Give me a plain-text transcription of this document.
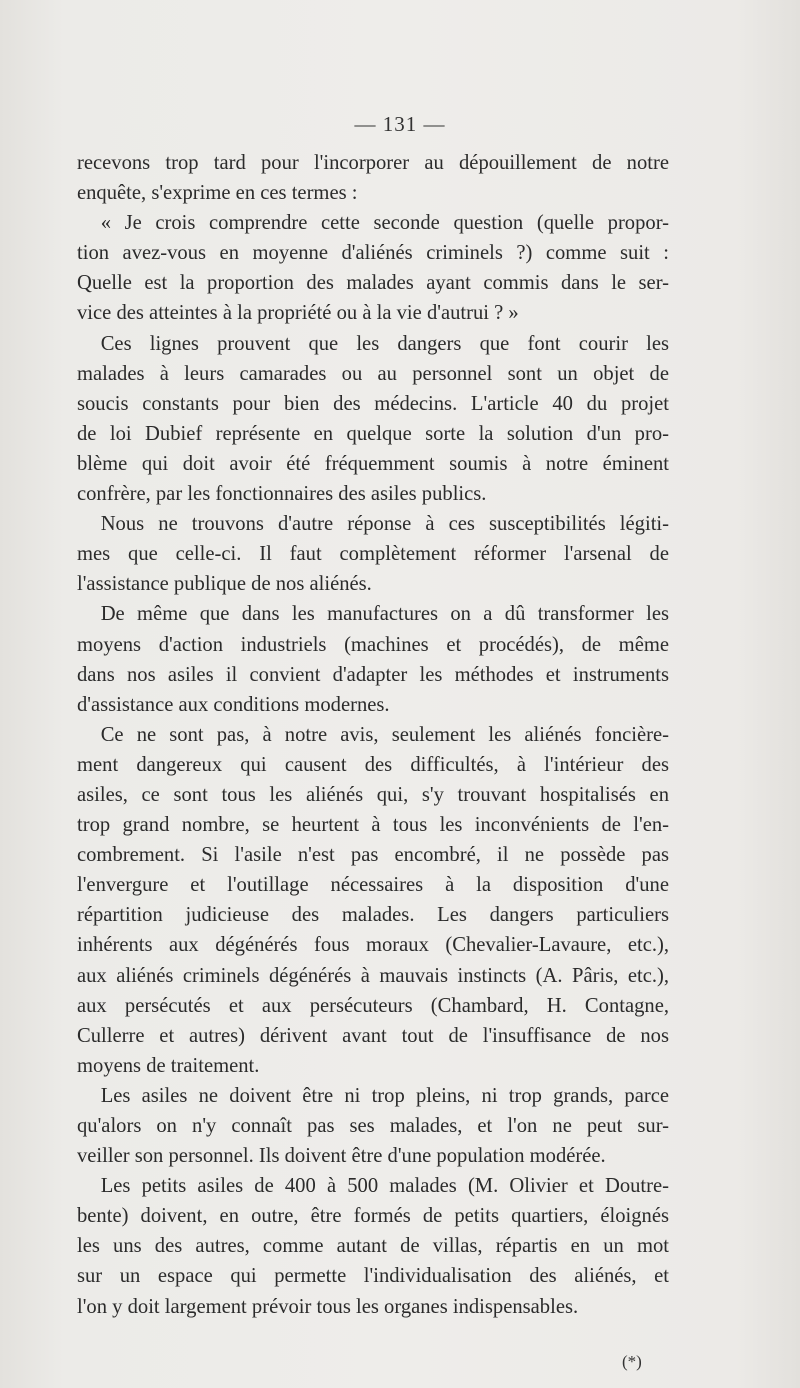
— 131 —
recevons trop tard pour l'incorporer au dépouillement de notre
enquête, s'exprime en ces termes :
« Je crois comprendre cette seconde question (quelle propor-
tion avez-vous en moyenne d'aliénés criminels ?) comme suit :
Quelle est la proportion des malades ayant commis dans le ser-
vice des atteintes à la propriété ou à la vie d'autrui ? »
Ces lignes prouvent que les dangers que font courir les
malades à leurs camarades ou au personnel sont un objet de
soucis constants pour bien des médecins. L'article 40 du projet
de loi Dubief représente en quelque sorte la solution d'un pro-
blème qui doit avoir été fréquemment soumis à notre éminent
confrère, par les fonctionnaires des asiles publics.
Nous ne trouvons d'autre réponse à ces susceptibilités légiti-
mes que celle-ci. Il faut complètement réformer l'arsenal de
l'assistance publique de nos aliénés.
De même que dans les manufactures on a dû transformer les
moyens d'action industriels (machines et procédés), de même
dans nos asiles il convient d'adapter les méthodes et instruments
d'assistance aux conditions modernes.
Ce ne sont pas, à notre avis, seulement les aliénés foncière-
ment dangereux qui causent des difficultés, à l'intérieur des
asiles, ce sont tous les aliénés qui, s'y trouvant hospitalisés en
trop grand nombre, se heurtent à tous les inconvénients de l'en-
combrement. Si l'asile n'est pas encombré, il ne possède pas
l'envergure et l'outillage nécessaires à la disposition d'une
répartition judicieuse des malades. Les dangers particuliers
inhérents aux dégénérés fous moraux (Chevalier-Lavaure, etc.),
aux aliénés criminels dégénérés à mauvais instincts (A. Pâris, etc.),
aux persécutés et aux persécuteurs (Chambard, H. Contagne,
Cullerre et autres) dérivent avant tout de l'insuffisance de nos
moyens de traitement.
Les asiles ne doivent être ni trop pleins, ni trop grands, parce
qu'alors on n'y connaît pas ses malades, et l'on ne peut sur-
veiller son personnel. Ils doivent être d'une population modérée.
Les petits asiles de 400 à 500 malades (M. Olivier et Doutre-
bente) doivent, en outre, être formés de petits quartiers, éloignés
les uns des autres, comme autant de villas, répartis en un mot
sur un espace qui permette l'individualisation des aliénés, et
l'on y doit largement prévoir tous les organes indispensables.
(*)
